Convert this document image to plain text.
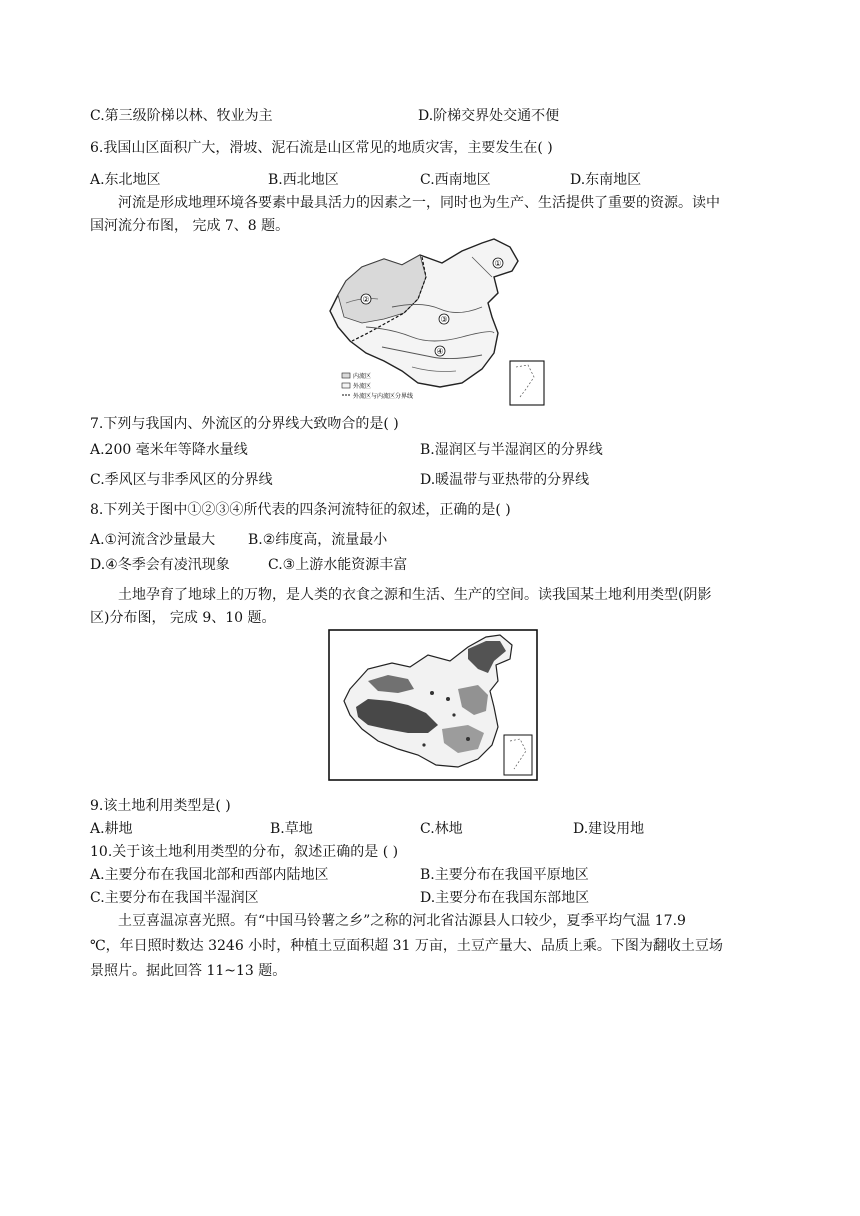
C.第三级阶梯以林、牧业为主	D.阶梯交界处交通不便
6.我国山区面积广大，滑坡、泥石流是山区常见的地质灾害，主要发生在( )
A.东北地区	B.西北地区	C.西南地区	D.东南地区
河流是形成地理环境各要素中最具活力的因素之一，同时也为生产、生活提供了重要的资源。读中
国河流分布图， 完成 7、8 题。
①
②
③
④
内流区
外流区
外流区与内流区分界线
7.下列与我国内、外流区的分界线大致吻合的是( )
A.200 毫米年等降水量线	B.湿润区与半湿润区的分界线
C.季风区与非季风区的分界线	D.暖温带与亚热带的分界线
8.下列关于图中①②③④所代表的四条河流特征的叙述，正确的是( )
A.①河流含沙量最大 B.②纬度高，流量最小
D.④冬季会有凌汛现象	C.③上游水能资源丰富
土地孕育了地球上的万物，是人类的衣食之源和生活、生产的空间。读我国某土地利用类型(阴影
区)分布图， 完成 9、10 题。
9.该土地利用类型是( )
A.耕地	B.草地	C.林地	D.建设用地
10.关于该土地利用类型的分布，叙述正确的是 ( )
A.主要分布在我国北部和西部内陆地区	B.主要分布在我国平原地区
C.主要分布在我国半湿润区	D.主要分布在我国东部地区
土豆喜温凉喜光照。有“中国马铃薯之乡”之称的河北省沽源县人口较少，夏季平均气温 17.9
℃，年日照时数达 3246 小时，种植土豆面积超 31 万亩，土豆产量大、品质上乘。下图为翻收土豆场
景照片。据此回答 11~13 题。
